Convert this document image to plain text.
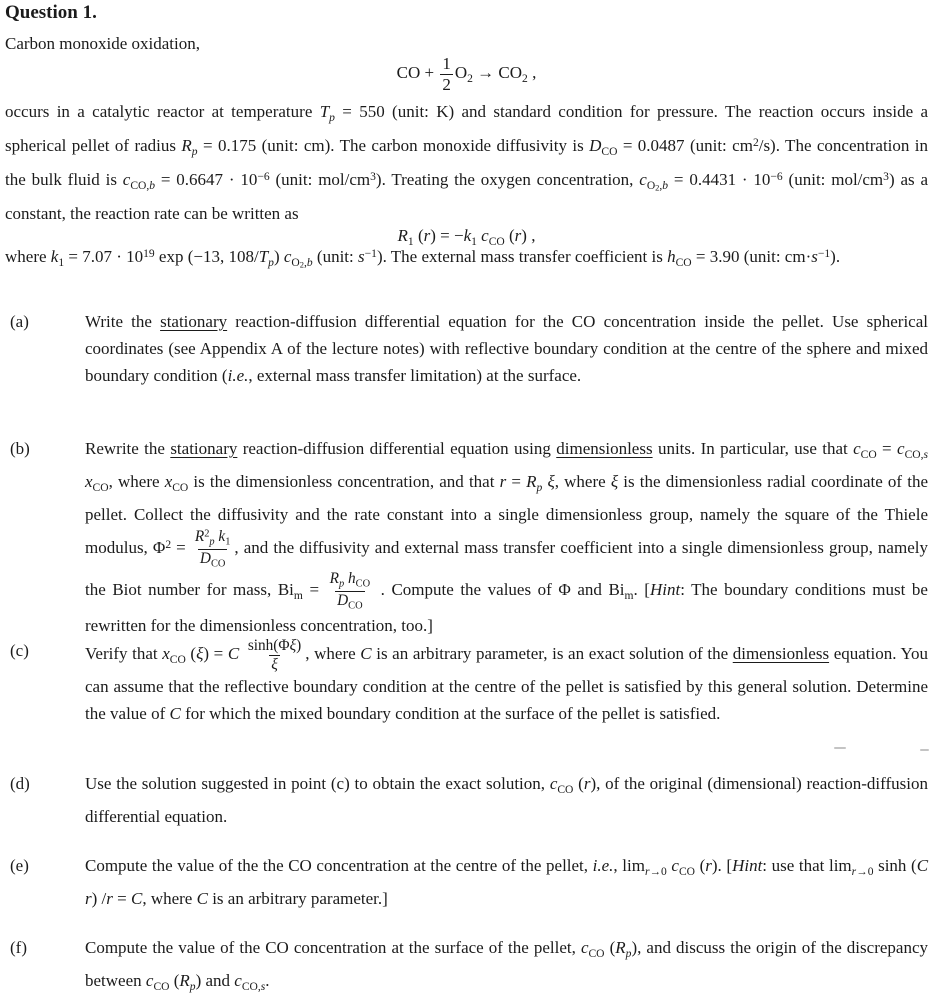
Question 1.
Carbon monoxide oxidation,
CO + $\frac{1}{2} O_2 \to CO_2$ ,
occurs in a catalytic reactor at temperature $T_p = 550$ (unit: K) and standard condition for pressure. The reaction occurs inside a spherical pellet of radius $R_p = 0.175$ (unit: cm). The carbon monoxide diffusivity is $D_{CO} = 0.0487$ (unit: $cm^2/s$). The concentration in the bulk fluid is $c_{CO,b} = 0.6647 \cdot 10^{-6}$ (unit: mol/$cm^3$). Treating the oxygen concentration, $c_{O2,b} = 0.4431 \cdot 10^{-6}$ (unit: mol/$cm^3$) as a constant, the reaction rate can be written as
$R_1$ $(r) = -k_1$ $c_{CO}$ (r) ,
where $k_1 = 7.07 \cdot 10^{19}$ exp (−13, $108/T_p$) $c_{O2,b}$ (unit: $s^{-1}$). The external mass transfer coefficient is $h_{CO} = 3.90$ (unit: $cm\cdot s^{-1}$).
(a)	Write the stationary reaction-diffusion differential equation for the CO concentration inside the pellet. Use spherical coordinates (see Appendix A of the lecture notes) with reflective boundary condition at the centre of the sphere and mixed boundary condition (i.e., external mass transfer limitation) at the surface.
(b)	Rewrite the stationary reaction-diffusion differential equation using dimensionless units. In particular, use that $c_{CO} = c_{CO,s}$ $x_{CO}$, where $x_{CO}$ is the dimensionless concentration, and that $r = R_p$ ξ, where ξ is the dimensionless radial coordinate of the pellet. Collect the diffusivity and the rate constant into a single dimensionless group, namely the square of the Thiele modulus, $\Phi^2 = \frac{R^2_p k_1}{D_{CO}}$ , and the diffusivity and external mass transfer coefficient into a single dimensionless group, namely the Biot number for mass, $Bi_m = \frac{R_p h_{CO}}{D_{CO}}$ . Compute the values of Φ and $Bi_m$. [Hint: The boundary conditions must be rewritten for the dimensionless concentration, too.]
(c)	Verify that $x_{CO}$ (ξ) = C $\frac{\sinh(\Phi\xi)}{\xi}$ , where C is an arbitrary parameter, is an exact solution of the dimensionless equation. You can assume that the reflective boundary condition at the centre of the pellet is satisfied by this general solution. Determine the value of C for which the mixed boundary condition at the surface of the pellet is satisfied.
(d)	Use the solution suggested in point (c) to obtain the exact solution, $c_{CO}$ (r), of the original (dimensional) reaction-diffusion differential equation.
(e)	Compute the value of the the CO concentration at the centre of the pellet, i.e., $\lim_{r\to 0} c_{CO}$ (r). [Hint: use that $\lim_{r\to 0} \sinh (C$ r) /r = C, where C is an arbitrary parameter.]
(f)	Compute the value of the CO concentration at the surface of the pellet, $c_{CO}$ $(R_p)$, and discuss the origin of the discrepancy between $c_{CO}$ $(R_p)$ and $c_{CO,s}$.
